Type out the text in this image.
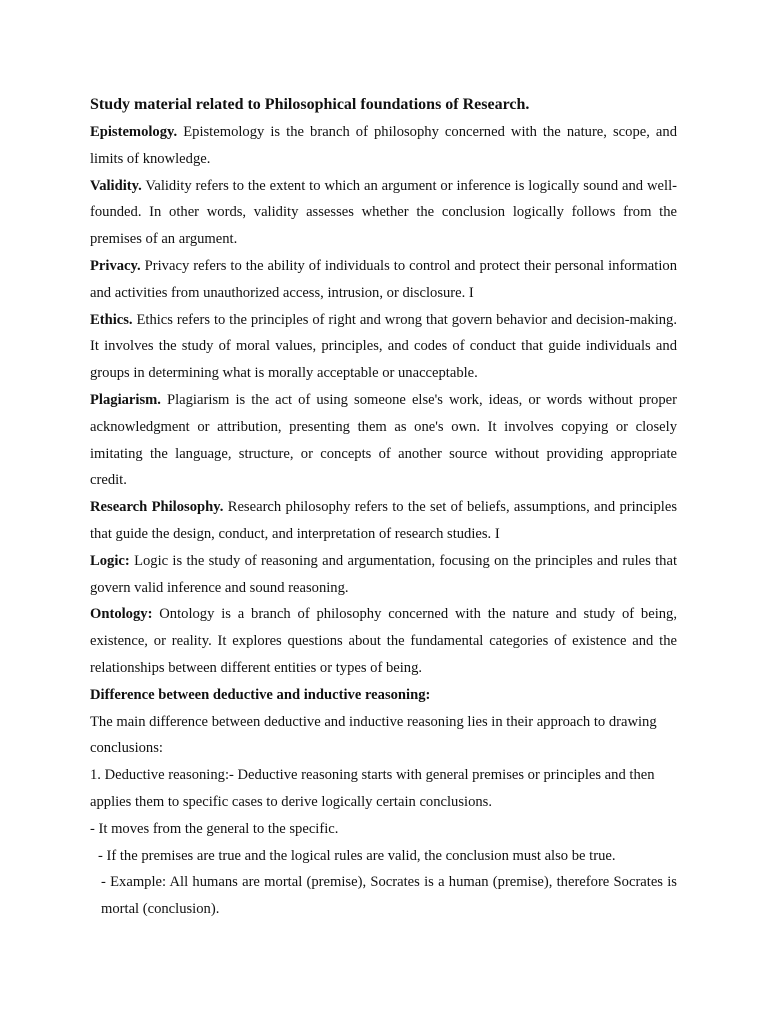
Study material related to Philosophical foundations of Research.

Epistemology. Epistemology is the branch of philosophy concerned with the nature, scope, and limits of knowledge.

Validity. Validity refers to the extent to which an argument or inference is logically sound and well-founded. In other words, validity assesses whether the conclusion logically follows from the premises of an argument.

Privacy. Privacy refers to the ability of individuals to control and protect their personal information and activities from unauthorized access, intrusion, or disclosure. I

Ethics. Ethics refers to the principles of right and wrong that govern behavior and decision-making. It involves the study of moral values, principles, and codes of conduct that guide individuals and groups in determining what is morally acceptable or unacceptable.

Plagiarism. Plagiarism is the act of using someone else's work, ideas, or words without proper acknowledgment or attribution, presenting them as one's own. It involves copying or closely imitating the language, structure, or concepts of another source without providing appropriate credit.

Research Philosophy. Research philosophy refers to the set of beliefs, assumptions, and principles that guide the design, conduct, and interpretation of research studies. I

Logic: Logic is the study of reasoning and argumentation, focusing on the principles and rules that govern valid inference and sound reasoning.

Ontology: Ontology is a branch of philosophy concerned with the nature and study of being, existence, or reality. It explores questions about the fundamental categories of existence and the relationships between different entities or types of being.

Difference between deductive and inductive reasoning:

The main difference between deductive and inductive reasoning lies in their approach to drawing conclusions:

1. Deductive reasoning:- Deductive reasoning starts with general premises or principles and then applies them to specific cases to derive logically certain conclusions.

- It moves from the general to the specific.

- If the premises are true and the logical rules are valid, the conclusion must also be true.

- Example: All humans are mortal (premise), Socrates is a human (premise), therefore Socrates is mortal (conclusion).
